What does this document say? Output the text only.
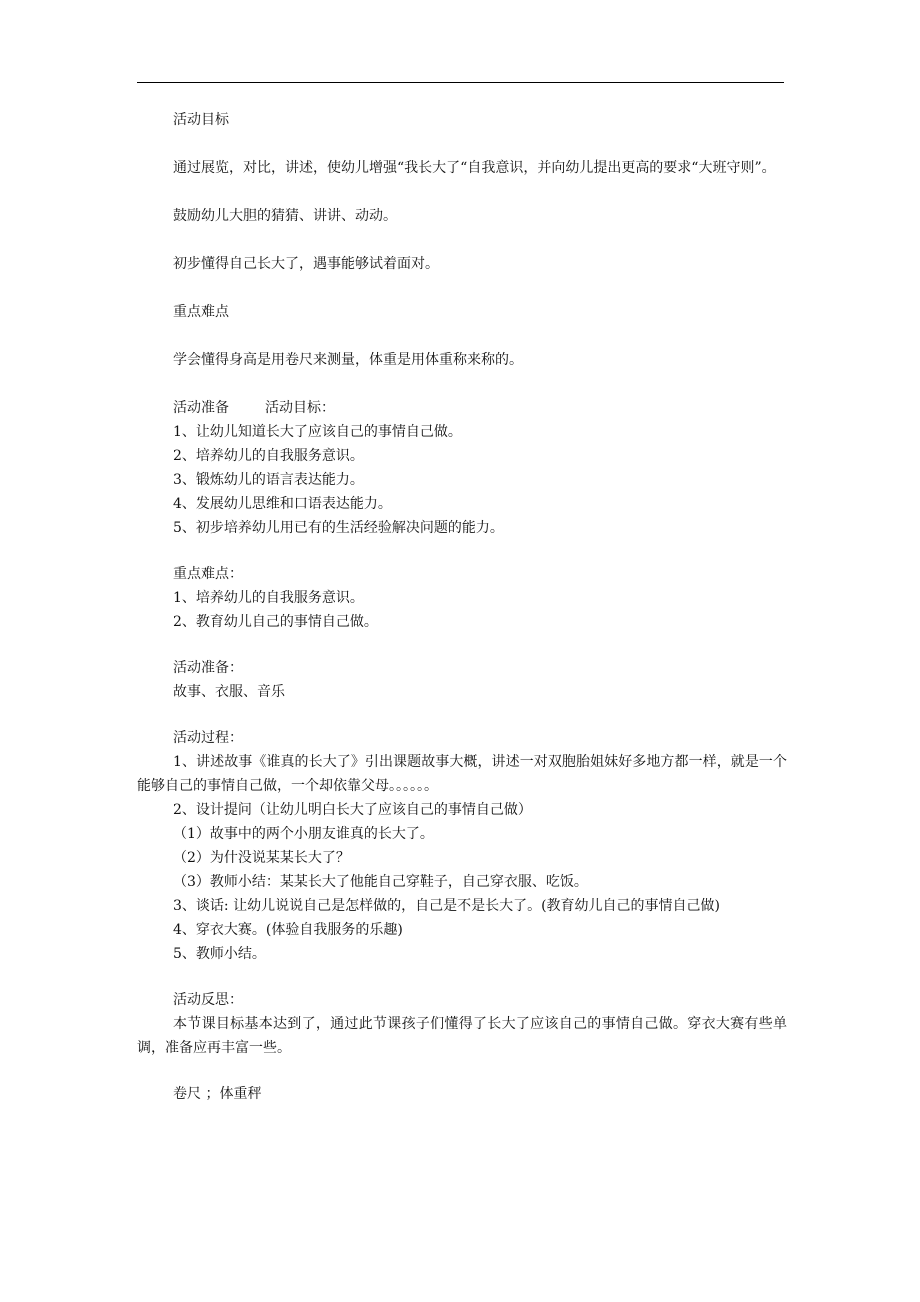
活动目标

通过展览，对比，讲述，使幼儿增强“我长大了“自我意识，并向幼儿提出更高的要求“大班守则”。

鼓励幼儿大胆的猜猜、讲讲、动动。

初步懂得自己长大了，遇事能够试着面对。

重点难点

学会懂得身高是用卷尺来测量，体重是用体重称来称的。

活动准备	活动目标：

1、让幼儿知道长大了应该自己的事情自己做。

2、培养幼儿的自我服务意识。

3、锻炼幼儿的语言表达能力。

4、发展幼儿思维和口语表达能力。

5、初步培养幼儿用已有的生活经验解决问题的能力。

重点难点：

1、培养幼儿的自我服务意识。

2、教育幼儿自己的事情自己做。

活动准备：

故事、衣服、音乐

活动过程：

1、讲述故事《谁真的长大了》引出课题故事大概，讲述一对双胞胎姐妹好多地方都一样，就是一个能够自己的事情自己做，一个却依靠父母。。。。。。

2、设计提问（让幼儿明白长大了应该自己的事情自己做）

（1）故事中的两个小朋友谁真的长大了。

（2）为什没说某某长大了？

（3）教师小结：某某长大了他能自己穿鞋子，自己穿衣服、吃饭。

3、谈话: 让幼儿说说自己是怎样做的，自己是不是长大了。(教育幼儿自己的事情自己做)

4、穿衣大赛。(体验自我服务的乐趣)

5、教师小结。

活动反思：

本节课目标基本达到了，通过此节课孩子们懂得了长大了应该自己的事情自己做。穿衣大赛有些单调，准备应再丰富一些。

卷尺 ；体重秤
